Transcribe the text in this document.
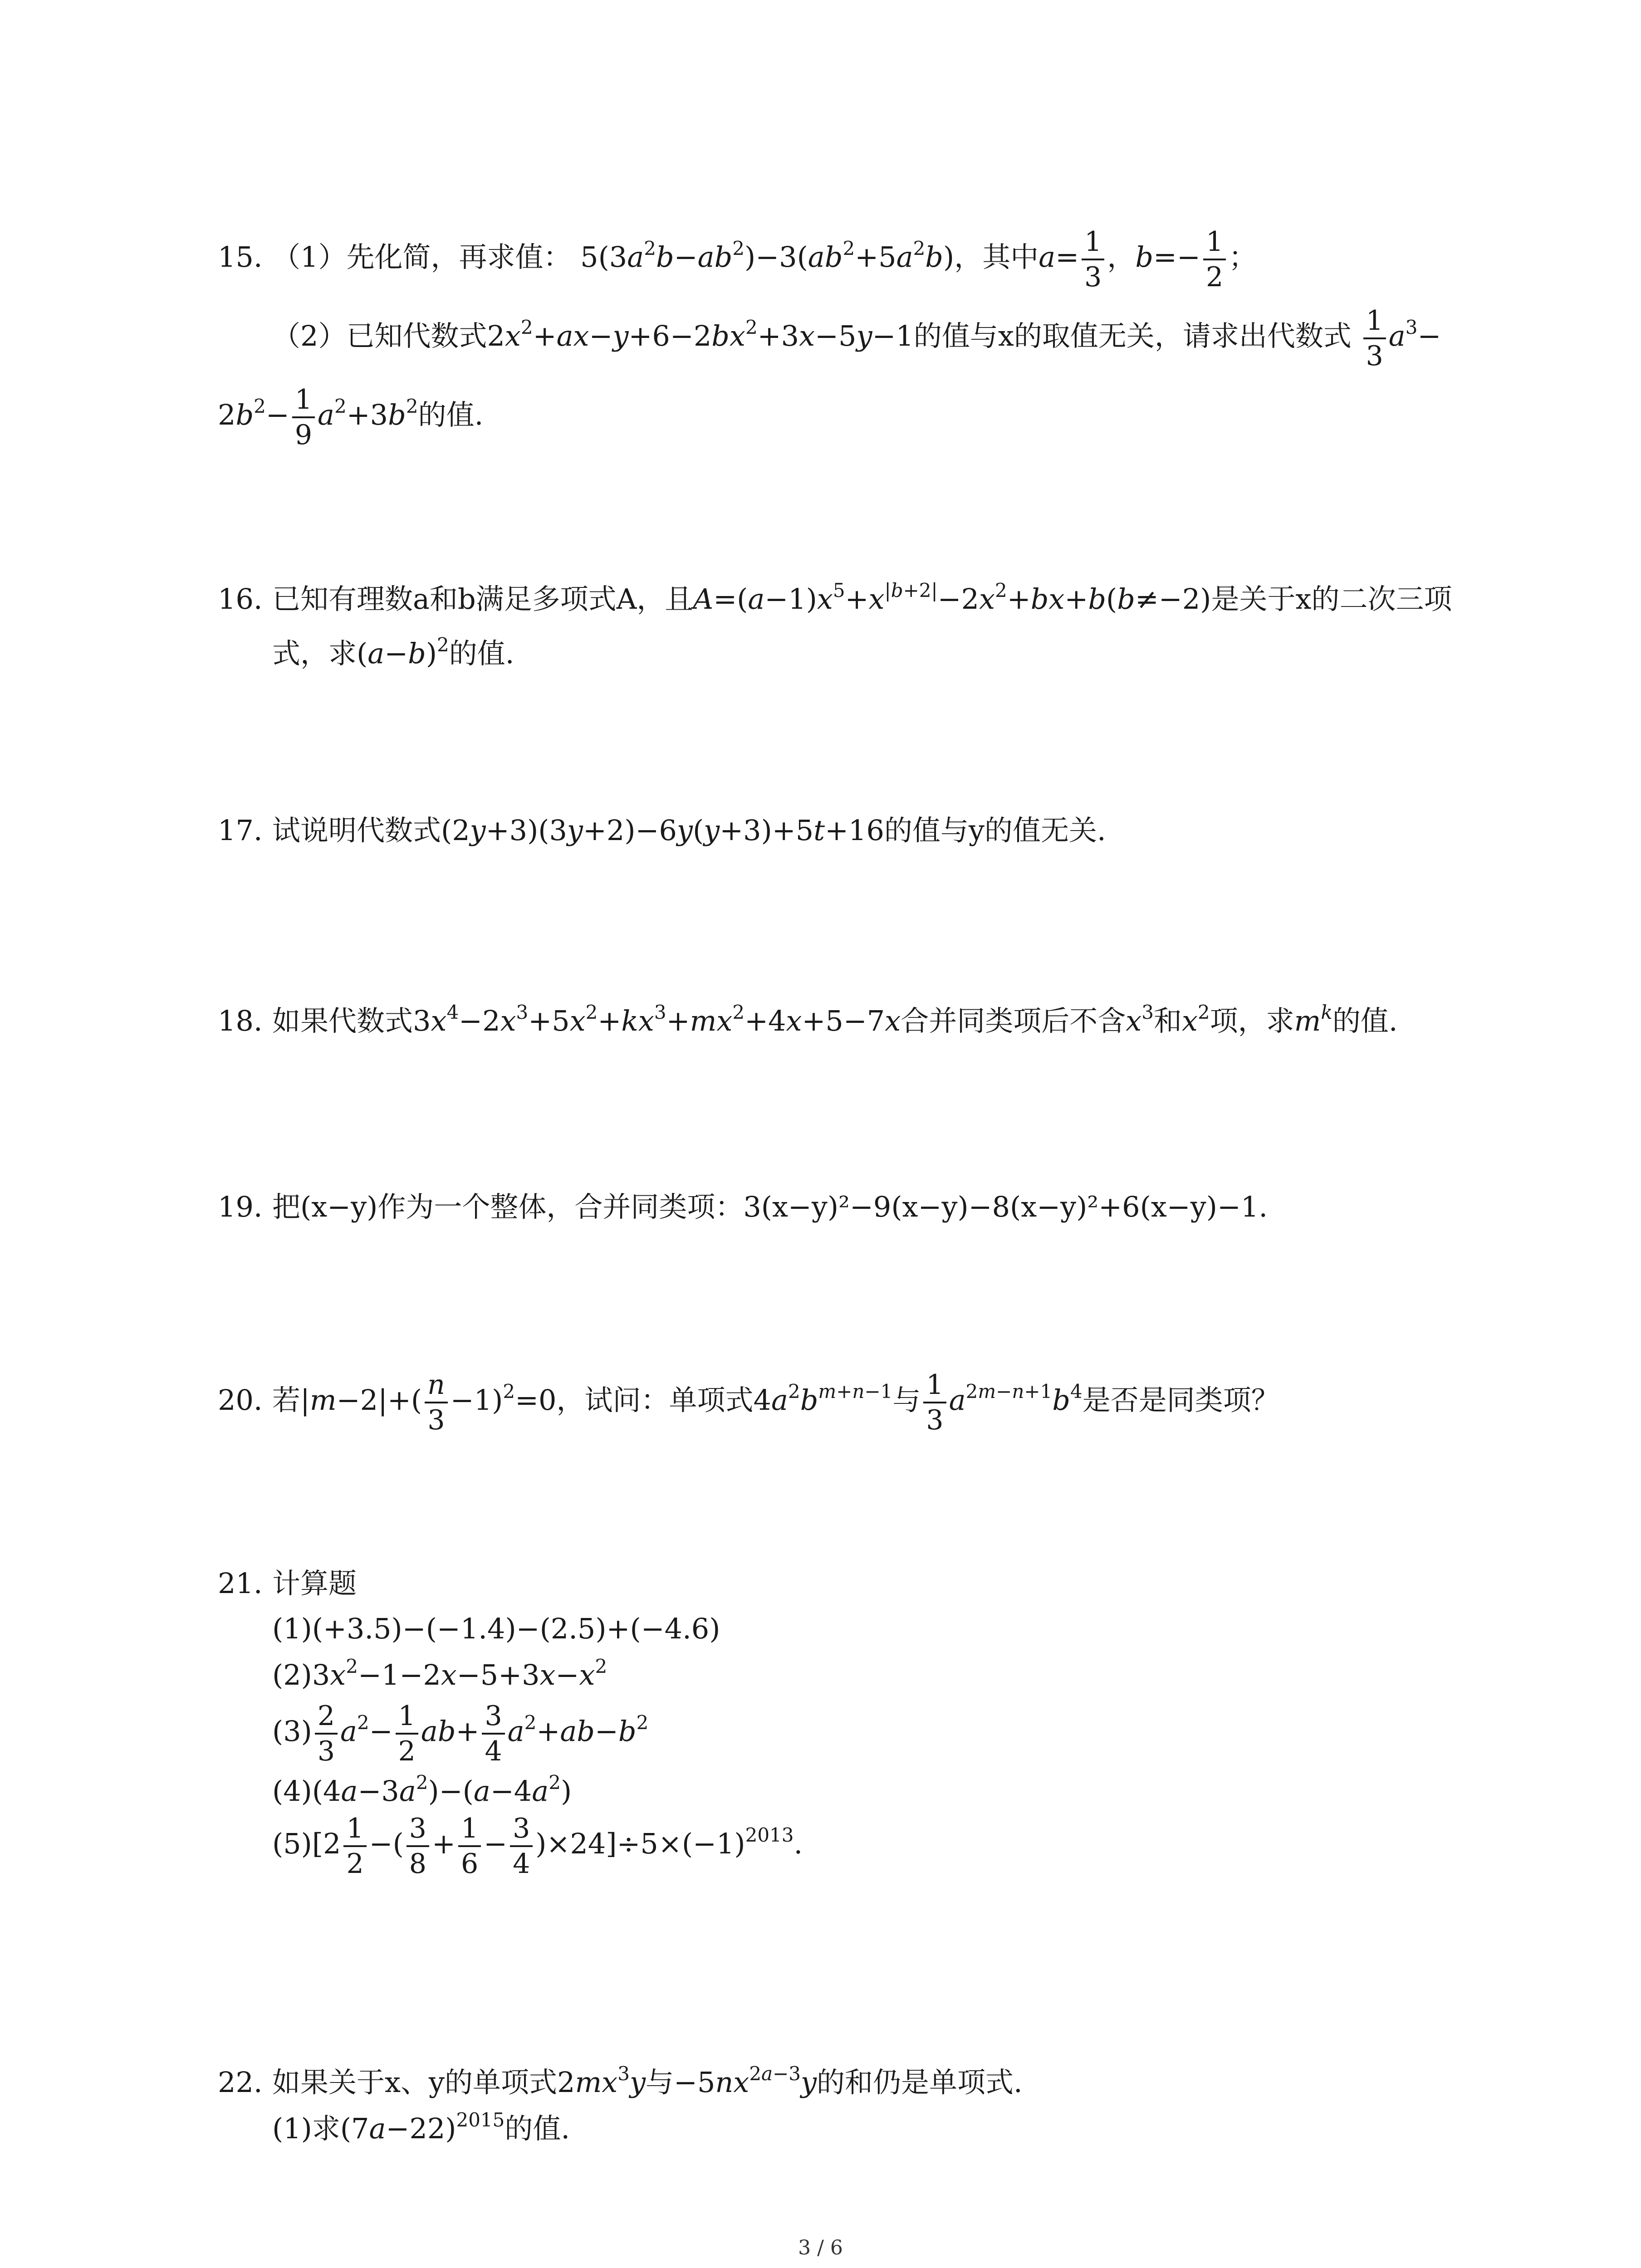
15. （1）先化简，再求值： $5(3a^2b-ab^2)-3(ab^2+5a^2b)$，其中$a= \frac{1}{3}$ ，$b=- \frac{1}{2}$ ；
（2）已知代数式$2x^2+ax-y+6-2bx^2+3x-5y-1$的值与x的取值无关，请求出代数式 $\frac{1}{3} a^3-$
$2b^2- \frac{1}{9} a^2+3b^2$的值.
16. 已知有理数a和b满足多项式A，且$A=(a-1)x^5+x^{|b+2|}-2x^2+bx+b(b\ne-2)$是关于x的二次三项
式，求$(a-b)^2$的值.
17. 试说明代数式(2y+3)(3y+2)−6y(y+3)+5t+16的值与y的值无关.
18. 如果代数式$3x^4-2x^3+5x^2+kx^3+mx^2+4x+5-7x$合并同类项后不含$x^3$和$x^2$项，求$m^k$的值.
19. 把(x−y)作为一个整体，合并同类项：3(x−y)²−9(x−y)−8(x−y)²+6(x−y)−1.
20. 若$|m-2|+( \frac{n}{3} -1)^2=0$，试问：单项式$4a^2b^{m+n-1}$与 $\frac{1}{3} a^{2m-n+1}b^4$是否是同类项？
21. 计算题
(1)(+3.5)−(−1.4)−(2.5)+(−4.6)
$(2)3x^2-1-2x-5+3x-x^2$
$(3) \frac{2}{3} a^2- \frac{1}{2} ab+ \frac{3}{4} a^2+ab-b^2$
$(4)(4a-3a^2)-(a-4a^2)$
$(5)[2 \frac{1}{2}$ −( $\frac{3}{8} + \frac{1}{6} - \frac{3}{4} )\times 24]\div 5\times(-1)^{2013}$.
22. 如果关于x、y的单项式$2mx^3y$与$-5nx^{2a-3}y$的和仍是单项式.
(1)求$(7a-22)^{2015}$的值.
3 / 6
